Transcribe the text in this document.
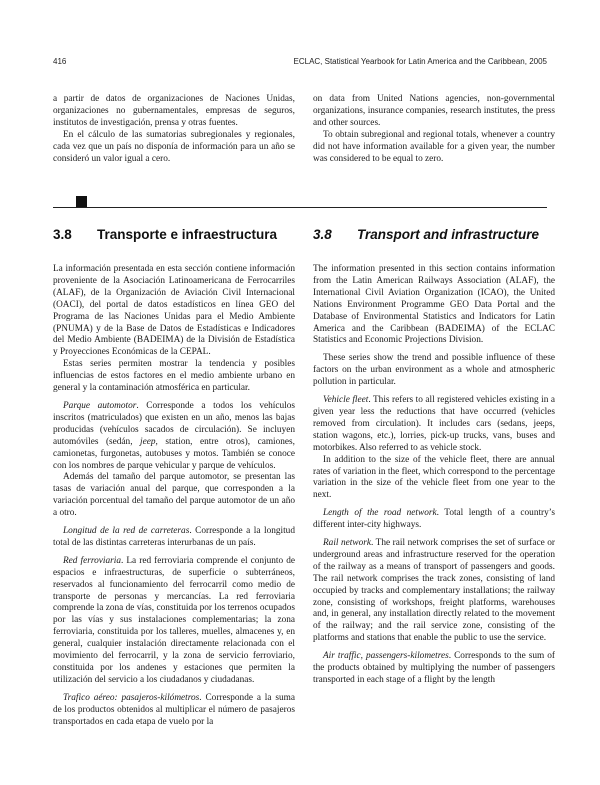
416	ECLAC, Statistical Yearbook for Latin America and the Caribbean, 2005

a partir de datos de organizaciones de Naciones Unidas, organizaciones no gubernamentales, empresas de seguros, institutos de investigación, prensa y otras fuentes.

En el cálculo de las sumatorias subregionales y regionales, cada vez que un país no disponía de información para un año se consideró un valor igual a cero.

on data from United Nations agencies, non-governmental organizations, insurance companies, research institutes, the press and other sources.

To obtain subregional and regional totals, whenever a country did not have information available for a given year, the number was considered to be equal to zero.

3.8 Transporte e infraestructura	3.8 Transport and infrastructure

La información presentada en esta sección contiene información proveniente de la Asociación Latinoamericana de Ferrocarriles (ALAF), de la Organización de Aviación Civil Internacional (OACI), del portal de datos estadísticos en línea GEO del Programa de las Naciones Unidas para el Medio Ambiente (PNUMA) y de la Base de Datos de Estadísticas e Indicadores del Medio Ambiente (BADEIMA) de la División de Estadística y Proyecciones Económicas de la CEPAL.

Estas series permiten mostrar la tendencia y posibles influencias de estos factores en el medio ambiente urbano en general y la contaminación atmosférica en particular.

Parque automotor. Corresponde a todos los vehículos inscritos (matriculados) que existen en un año, menos las bajas producidas (vehículos sacados de circulación). Se incluyen automóviles (sedán, jeep, station, entre otros), camiones, camionetas, furgonetas, autobuses y motos. También se conoce con los nombres de parque vehicular y parque de vehículos.

Además del tamaño del parque automotor, se presentan las tasas de variación anual del parque, que corresponden a la variación porcentual del tamaño del parque automotor de un año a otro.

Longitud de la red de carreteras. Corresponde a la longitud total de las distintas carreteras interurbanas de un país.

Red ferroviaria. La red ferroviaria comprende el conjunto de espacios e infraestructuras, de superficie o subterráneos, reservados al funcionamiento del ferrocarril como medio de transporte de personas y mercancías. La red ferroviaria comprende la zona de vías, constituida por los terrenos ocupados por las vías y sus instalaciones complementarias; la zona ferroviaria, constituida por los talleres, muelles, almacenes y, en general, cualquier instalación directamente relacionada con el movimiento del ferrocarril, y la zona de servicio ferroviario, constituida por los andenes y estaciones que permiten la utilización del servicio a los ciudadanos y ciudadanas.

Trafico aéreo: pasajeros-kilómetros. Corresponde a la suma de los productos obtenidos al multiplicar el número de pasajeros transportados en cada etapa de vuelo por la

The information presented in this section contains information from the Latin American Railways Association (ALAF), the International Civil Aviation Organization (ICAO), the United Nations Environment Programme GEO Data Portal and the Database of Environmental Statistics and Indicators for Latin America and the Caribbean (BADEIMA) of the ECLAC Statistics and Economic Projections Division.

These series show the trend and possible influence of these factors on the urban environment as a whole and atmospheric pollution in particular.

Vehicle fleet. This refers to all registered vehicles existing in a given year less the reductions that have occurred (vehicles removed from circulation). It includes cars (sedans, jeeps, station wagons, etc.), lorries, pick-up trucks, vans, buses and motorbikes. Also referred to as vehicle stock.

In addition to the size of the vehicle fleet, there are annual rates of variation in the fleet, which correspond to the percentage variation in the size of the vehicle fleet from one year to the next.

Length of the road network. Total length of a country’s different inter-city highways.

Rail network. The rail network comprises the set of surface or underground areas and infrastructure reserved for the operation of the railway as a means of transport of passengers and goods. The rail network comprises the track zones, consisting of land occupied by tracks and complementary installations; the railway zone, consisting of workshops, freight platforms, warehouses and, in general, any installation directly related to the movement of the railway; and the rail service zone, consisting of the platforms and stations that enable the public to use the service.

Air traffic, passengers-kilometres. Corresponds to the sum of the products obtained by multiplying the number of passengers transported in each stage of a flight by the length
